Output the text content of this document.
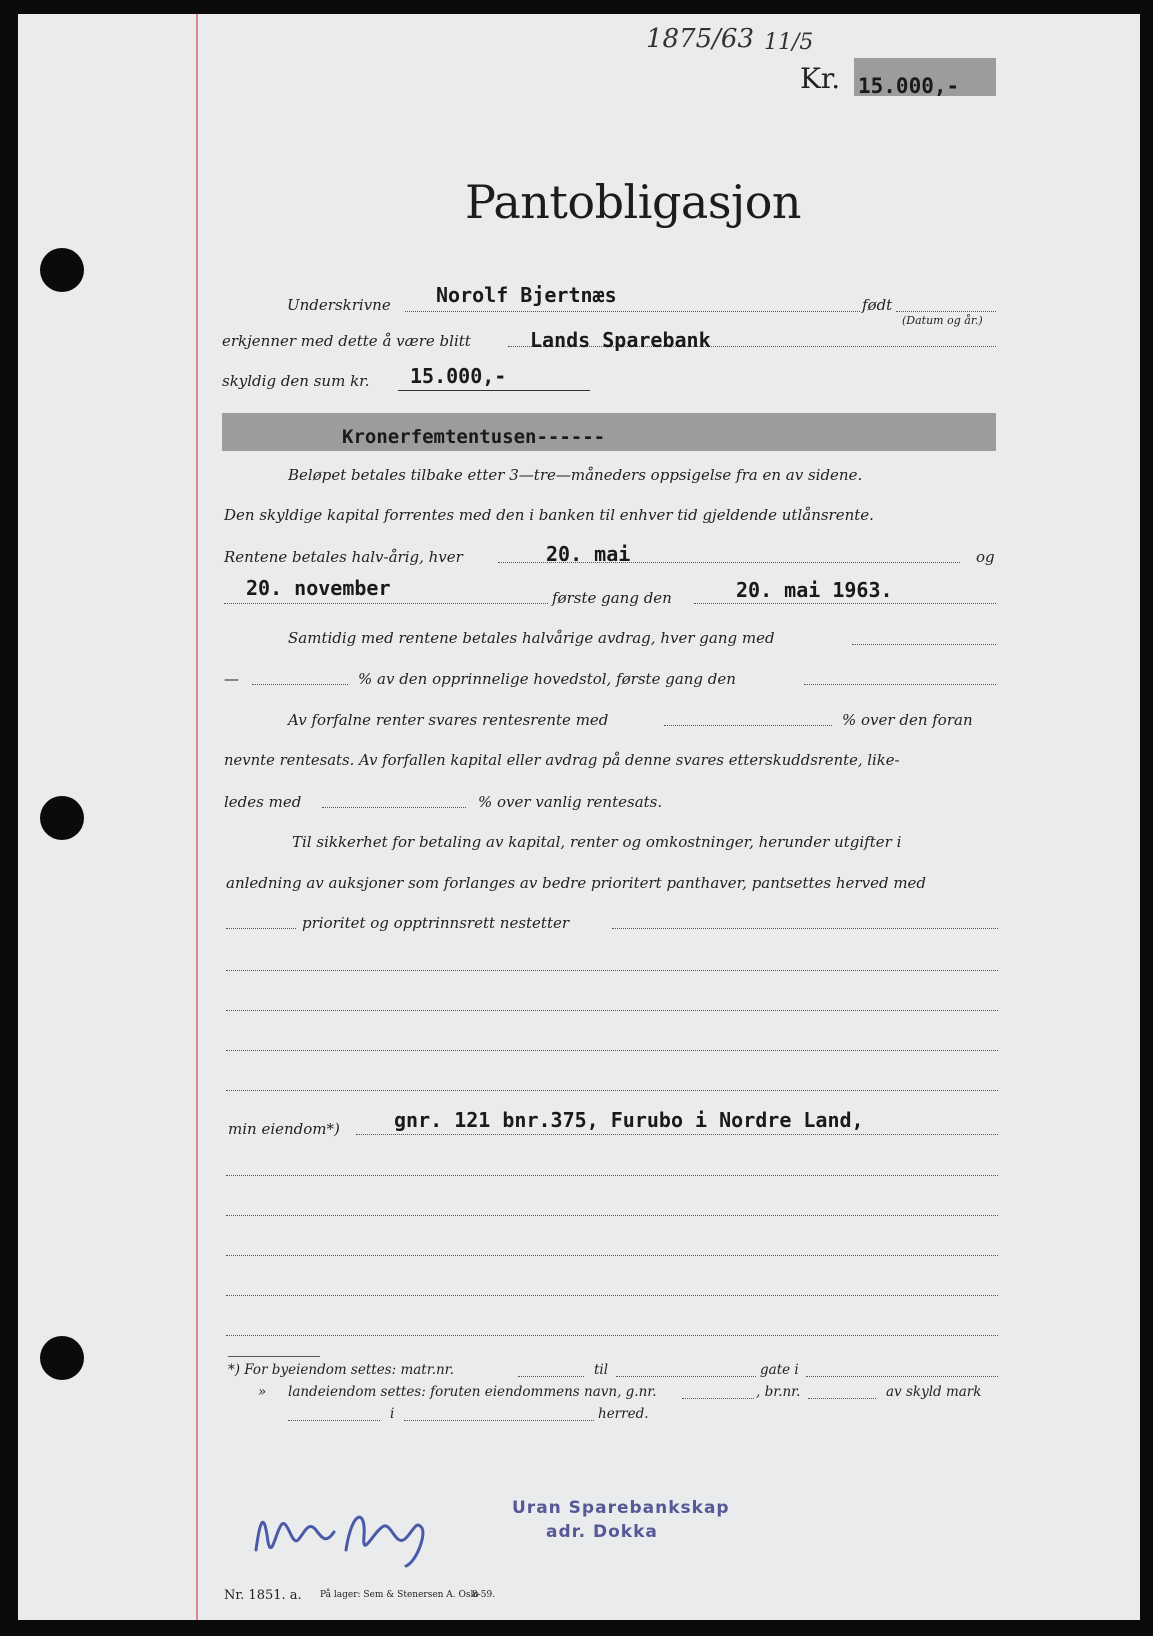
1875/63 11/5
Kr. 15.000,-
Pantobligasjon
Underskrivne Norolf Bjertnæs	født
(Datum og år.)
erkjenner med dette å være blitt	Lands Sparebank
skyldig den sum kr. 15.000,-
Kronerfemtentusen------
Beløpet betales tilbake etter 3—tre—måneders oppsigelse fra en av sidene.
Den skyldige kapital forrentes med den i banken til enhver tid gjeldende utlånsrente.
Rentene betales halv-årig, hver	20. mai	og
20. november	første gang den	20. mai 1963.
Samtidig med rentene betales halvårige avdrag, hver gang med
—	% av den opprinnelige hovedstol, første gang den
Av forfalne renter svares rentesrente med	% over den foran
nevnte rentesats. Av forfallen kapital eller avdrag på denne svares etterskuddsrente, like-
ledes med	% over vanlig rentesats.
Til sikkerhet for betaling av kapital, renter og omkostninger, herunder utgifter i
anledning av auksjoner som forlanges av bedre prioritert panthaver, pantsettes herved med
prioritet og opptrinnsrett nestetter
min eiendom*)	gnr. 121 bnr.375, Furubo i Nordre Land,
*) For byeiendom settes: matr.nr.	til	gate i
» landeiendom settes: foruten eiendommens navn, g.nr.	, br.nr.	av skyld mark
i	herred.
Uran Sparebankskap
adr. Dokka
Nr. 1851. a. På lager: Sem & Stenersen A. Oslo
8-59.
